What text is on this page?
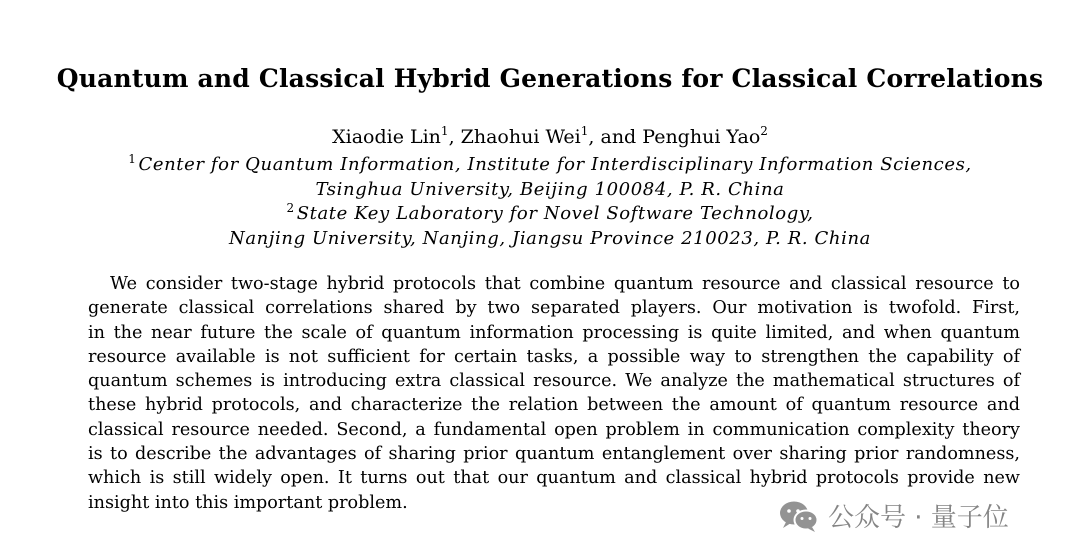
Quantum and Classical Hybrid Generations for Classical Correlations
Xiaodie Lin$^1$, Zhaohui Wei$^1$, and Penghui Yao$^2$
$^1$ Center for Quantum Information, Institute for Interdisciplinary Information Sciences,
Tsinghua University, Beijing 100084, P. R. China
$^2$ State Key Laboratory for Novel Software Technology,
Nanjing University, Nanjing, Jiangsu Province 210023, P. R. China
We consider two-stage hybrid protocols that combine quantum resource and classical resource to
generate classical correlations shared by two separated players. Our motivation is twofold. First,
in the near future the scale of quantum information processing is quite limited, and when quantum
resource available is not sufficient for certain tasks, a possible way to strengthen the capability of
quantum schemes is introducing extra classical resource. We analyze the mathematical structures of
these hybrid protocols, and characterize the relation between the amount of quantum resource and
classical resource needed. Second, a fundamental open problem in communication complexity theory
is to describe the advantages of sharing prior quantum entanglement over sharing prior randomness,
which is still widely open. It turns out that our quantum and classical hybrid protocols provide new
insight into this important problem.
公众号 · 量子位
